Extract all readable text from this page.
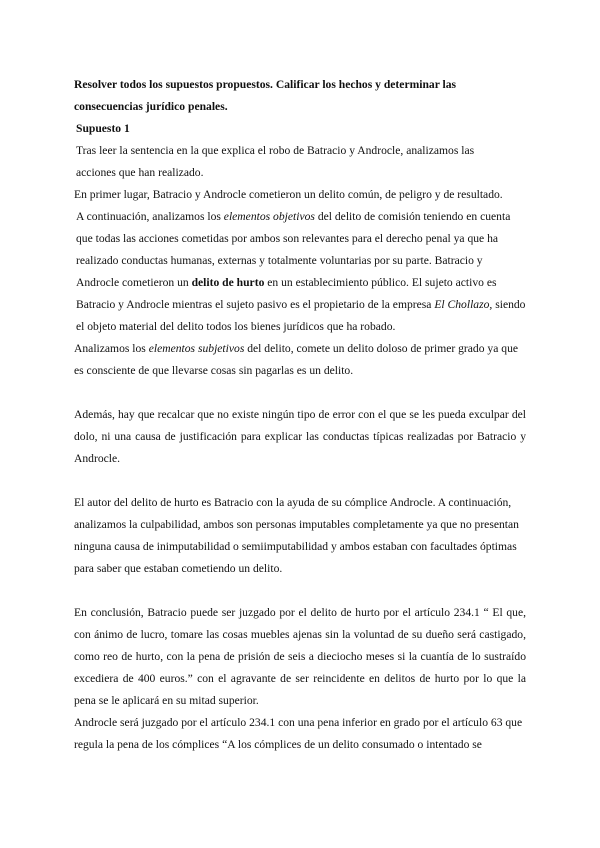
Resolver todos los supuestos propuestos. Calificar los hechos y determinar las
consecuencias jurídico penales.

Supuesto 1

Tras leer la sentencia en la que explica el robo de Batracio y Androcle, analizamos las acciones que han realizado.

En primer lugar, Batracio y Androcle cometieron un delito común, de peligro y de resultado.

A continuación, analizamos los elementos objetivos del delito de comisión teniendo en cuenta que todas las acciones cometidas por ambos son relevantes para el derecho penal ya que ha realizado conductas humanas, externas y totalmente voluntarias por su parte. Batracio y Androcle cometieron un delito de hurto en un establecimiento público. El sujeto activo es Batracio y Androcle mientras el sujeto pasivo es el propietario de la empresa El Chollazo, siendo el objeto material del delito todos los bienes jurídicos que ha robado.

Analizamos los elementos subjetivos del delito, comete un delito doloso de primer grado ya que es consciente de que llevarse cosas sin pagarlas es un delito.

Además, hay que recalcar que no existe ningún tipo de error con el que se les pueda exculpar del dolo, ni una causa de justificación para explicar las conductas típicas realizadas por Batracio y Androcle.

El autor del delito de hurto es Batracio con la ayuda de su cómplice Androcle. A continuación, analizamos la culpabilidad, ambos son personas imputables completamente ya que no presentan ninguna causa de inimputabilidad o semiimputabilidad y ambos estaban con facultades óptimas para saber que estaban cometiendo un delito.

En conclusión, Batracio puede ser juzgado por el delito de hurto por el artículo 234.1 “ El que, con ánimo de lucro, tomare las cosas muebles ajenas sin la voluntad de su dueño será castigado, como reo de hurto, con la pena de prisión de seis a dieciocho meses si la cuantía de lo sustraído excediera de 400 euros.” con el agravante de ser reincidente en delitos de hurto por lo que la pena se le aplicará en su mitad superior.

Androcle será juzgado por el artículo 234.1 con una pena inferior en grado por el artículo 63 que regula la pena de los cómplices “A los cómplices de un delito consumado o intentado se
